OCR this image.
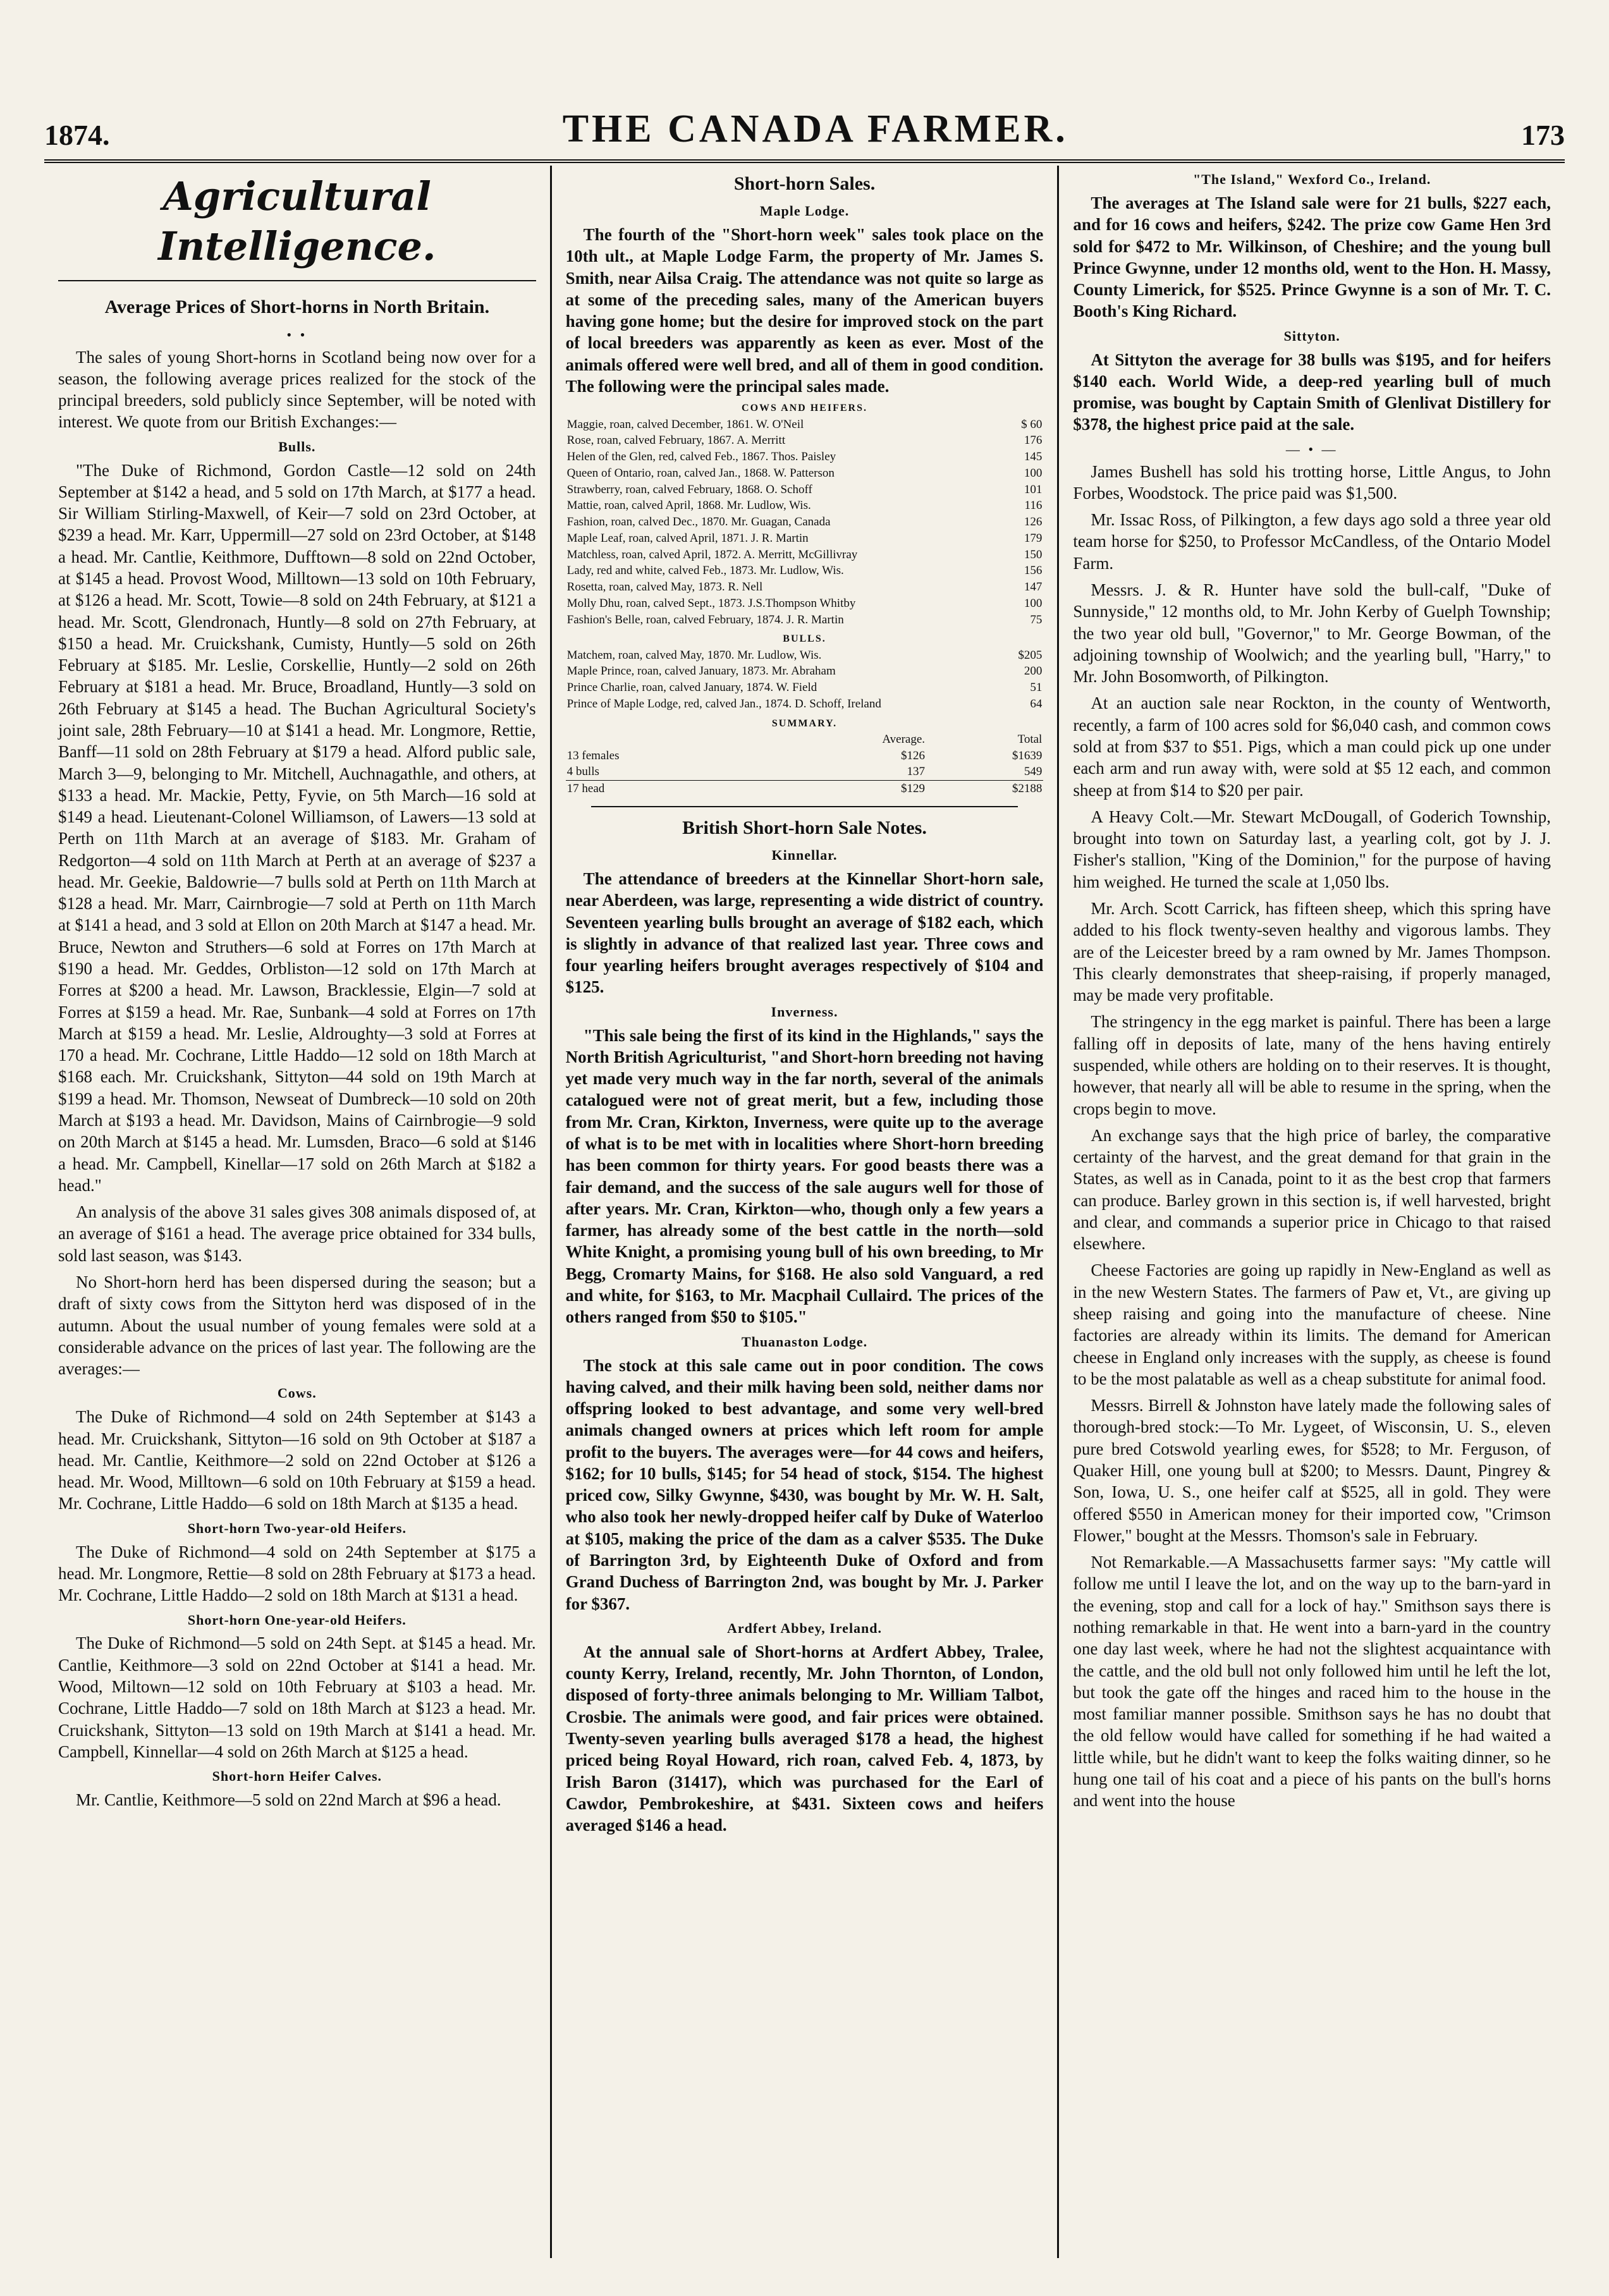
1874.	THE CANADA FARMER.	173
Agricultural Intelligence.
Average Prices of Short-horns in North Britain.
• •

The sales of young Short-horns in Scotland being now over for a season, the following average prices realized for the stock of the principal breeders, sold publicly since September, will be noted with interest. We quote from our British Exchanges:—

Bulls.

"The Duke of Richmond, Gordon Castle—12 sold on 24th September at $142 a head, and 5 sold on 17th March, at $177 a head. Sir William Stirling-Maxwell, of Keir—7 sold on 23rd October, at $239 a head. Mr. Karr, Uppermill—27 sold on 23rd October, at $148 a head. Mr. Cantlie, Keithmore, Dufftown—8 sold on 22nd October, at $145 a head. Provost Wood, Milltown—13 sold on 10th February, at $126 a head. Mr. Scott, Towie—8 sold on 24th February, at $121 a head. Mr. Scott, Glendronach, Huntly—8 sold on 27th February, at $150 a head. Mr. Cruickshank, Cumisty, Huntly—5 sold on 26th February at $185. Mr. Leslie, Corskellie, Huntly—2 sold on 26th February at $181 a head. Mr. Bruce, Broadland, Huntly—3 sold on 26th February at $145 a head. The Buchan Agricultural Society's joint sale, 28th February—10 at $141 a head. Mr. Longmore, Rettie, Banff—11 sold on 28th February at $179 a head. Alford public sale, March 3—9, belonging to Mr. Mitchell, Auchnagathle, and others, at $133 a head. Mr. Mackie, Petty, Fyvie, on 5th March—16 sold at $149 a head. Lieutenant-Colonel Williamson, of Lawers—13 sold at Perth on 11th March at an average of $183. Mr. Graham of Redgorton—4 sold on 11th March at Perth at an average of $237 a head. Mr. Geekie, Baldowrie—7 bulls sold at Perth on 11th March at $128 a head. Mr. Marr, Cairnbrogie—7 sold at Perth on 11th March at $141 a head, and 3 sold at Ellon on 20th March at $147 a head. Mr. Bruce, Newton and Struthers—6 sold at Forres on 17th March at $190 a head. Mr. Geddes, Orbliston—12 sold on 17th March at Forres at $200 a head. Mr. Lawson, Bracklessie, Elgin—7 sold at Forres at $159 a head. Mr. Rae, Sunbank—4 sold at Forres on 17th March at $159 a head. Mr. Leslie, Aldroughty—3 sold at Forres at 170 a head. Mr. Cochrane, Little Haddo—12 sold on 18th March at $168 each. Mr. Cruickshank, Sittyton—44 sold on 19th March at $199 a head. Mr. Thomson, Newseat of Dumbreck—10 sold on 20th March at $193 a head. Mr. Davidson, Mains of Cairnbrogie—9 sold on 20th March at $145 a head. Mr. Lumsden, Braco—6 sold at $146 a head. Mr. Campbell, Kinellar—17 sold on 26th March at $182 a head."

An analysis of the above 31 sales gives 308 animals disposed of, at an average of $161 a head. The average price obtained for 334 bulls, sold last season, was $143.

No Short-horn herd has been dispersed during the season; but a draft of sixty cows from the Sittyton herd was disposed of in the autumn. About the usual number of young females were sold at a considerable advance on the prices of last year. The following are the averages:—

Cows.

The Duke of Richmond—4 sold on 24th September at $143 a head. Mr. Cruickshank, Sittyton—16 sold on 9th October at $187 a head. Mr. Cantlie, Keithmore—2 sold on 22nd October at $126 a head. Mr. Wood, Milltown—6 sold on 10th February at $159 a head. Mr. Cochrane, Little Haddo—6 sold on 18th March at $135 a head.

Short-horn Two-year-old Heifers.

The Duke of Richmond—4 sold on 24th September at $175 a head. Mr. Longmore, Rettie—8 sold on 28th February at $173 a head. Mr. Cochrane, Little Haddo—2 sold on 18th March at $131 a head.

Short-horn One-year-old Heifers.

The Duke of Richmond—5 sold on 24th Sept. at $145 a head. Mr. Cantlie, Keithmore—3 sold on 22nd October at $141 a head. Mr. Wood, Miltown—12 sold on 10th February at $103 a head. Mr. Cochrane, Little Haddo—7 sold on 18th March at $123 a head. Mr. Cruickshank, Sittyton—13 sold on 19th March at $141 a head. Mr. Campbell, Kinnellar—4 sold on 26th March at $125 a head.

Short-horn Heifer Calves.

Mr. Cantlie, Keithmore—5 sold on 22nd March at $96 a head.

Short-horn Sales.
Maple Lodge.

The fourth of the "Short-horn week" sales took place on the 10th ult., at Maple Lodge Farm, the property of Mr. James S. Smith, near Ailsa Craig. The attendance was not quite so large as at some of the preceding sales, many of the American buyers having gone home; but the desire for improved stock on the part of local breeders was apparently as keen as ever. Most of the animals offered were well bred, and all of them in good condition. The following were the principal sales made.

COWS AND HEIFERS.
Maggie, roan, calved December, 1861. W. O'Neil	$ 60
Rose, roan, calved February, 1867. A. Merritt	176
Helen of the Glen, red, calved Feb., 1867. Thos. Paisley	145
Queen of Ontario, roan, calved Jan., 1868. W. Patterson	100
Strawberry, roan, calved February, 1868. O. Schoff	101
Mattie, roan, calved April, 1868. Mr. Ludlow, Wis.	116
Fashion, roan, calved Dec., 1870. Mr. Guagan, Canada	126
Maple Leaf, roan, calved April, 1871. J. R. Martin	179
Matchless, roan, calved April, 1872. A. Merritt, McGillivray	150
Lady, red and white, calved Feb., 1873. Mr. Ludlow, Wis.	156
Rosetta, roan, calved May, 1873. R. Nell	147
Molly Dhu, roan, calved Sept., 1873. J.S.Thompson Whitby	100
Fashion's Belle, roan, calved February, 1874. J. R. Martin	75
BULLS.
Matchem, roan, calved May, 1870. Mr. Ludlow, Wis.	$205
Maple Prince, roan, calved January, 1873. Mr. Abraham	200
Prince Charlie, roan, calved January, 1874. W. Field	51
Prince of Maple Lodge, red, calved Jan., 1874. D. Schoff, Ireland	64
SUMMARY.
	Average.	Total
13 females	$126	$1639
4 bulls	137	549
17 head	$129	$2188
British Short-horn Sale Notes.
Kinnellar.

The attendance of breeders at the Kinnellar Short-horn sale, near Aberdeen, was large, representing a wide district of country. Seventeen yearling bulls brought an average of $182 each, which is slightly in advance of that realized last year. Three cows and four yearling heifers brought averages respectively of $104 and $125.

Inverness.

"This sale being the first of its kind in the Highlands," says the North British Agriculturist, "and Short-horn breeding not having yet made very much way in the far north, several of the animals catalogued were not of great merit, but a few, including those from Mr. Cran, Kirkton, Inverness, were quite up to the average of what is to be met with in localities where Short-horn breeding has been common for thirty years. For good beasts there was a fair demand, and the success of the sale augurs well for those of after years. Mr. Cran, Kirkton—who, though only a few years a farmer, has already some of the best cattle in the north—sold White Knight, a promising young bull of his own breeding, to Mr Begg, Cromarty Mains, for $168. He also sold Vanguard, a red and white, for $163, to Mr. Macphail Cullaird. The prices of the others ranged from $50 to $105."

Thuanaston Lodge.

The stock at this sale came out in poor condition. The cows having calved, and their milk having been sold, neither dams nor offspring looked to best advantage, and some very well-bred animals changed owners at prices which left room for ample profit to the buyers. The averages were—for 44 cows and heifers, $162; for 10 bulls, $145; for 54 head of stock, $154. The highest priced cow, Silky Gwynne, $430, was bought by Mr. W. H. Salt, who also took her newly-dropped heifer calf by Duke of Waterloo at $105, making the price of the dam as a calver $535. The Duke of Barrington 3rd, by Eighteenth Duke of Oxford and from Grand Duchess of Barrington 2nd, was bought by Mr. J. Parker for $367.

Ardfert Abbey, Ireland.

At the annual sale of Short-horns at Ardfert Abbey, Tralee, county Kerry, Ireland, recently, Mr. John Thornton, of London, disposed of forty-three animals belonging to Mr. William Talbot, Crosbie. The animals were good, and fair prices were obtained. Twenty-seven yearling bulls averaged $178 a head, the highest priced being Royal Howard, rich roan, calved Feb. 4, 1873, by Irish Baron (31417), which was purchased for the Earl of Cawdor, Pembrokeshire, at $431. Sixteen cows and heifers averaged $146 a head.

"The Island," Wexford Co., Ireland.

The averages at The Island sale were for 21 bulls, $227 each, and for 16 cows and heifers, $242. The prize cow Game Hen 3rd sold for $472 to Mr. Wilkinson, of Cheshire; and the young bull Prince Gwynne, under 12 months old, went to the Hon. H. Massy, County Limerick, for $525. Prince Gwynne is a son of Mr. T. C. Booth's King Richard.

Sittyton.

At Sittyton the average for 38 bulls was $195, and for heifers $140 each. World Wide, a deep-red yearling bull of much promise, was bought by Captain Smith of Glenlivat Distillery for $378, the highest price paid at the sale.

— • —

James Bushell has sold his trotting horse, Little Angus, to John Forbes, Woodstock. The price paid was $1,500.

Mr. Issac Ross, of Pilkington, a few days ago sold a three year old team horse for $250, to Professor McCandless, of the Ontario Model Farm.

Messrs. J. & R. Hunter have sold the bull-calf, "Duke of Sunnyside," 12 months old, to Mr. John Kerby of Guelph Township; the two year old bull, "Governor," to Mr. George Bowman, of the adjoining township of Woolwich; and the yearling bull, "Harry," to Mr. John Bosomworth, of Pilkington.

At an auction sale near Rockton, in the county of Wentworth, recently, a farm of 100 acres sold for $6,040 cash, and common cows sold at from $37 to $51. Pigs, which a man could pick up one under each arm and run away with, were sold at $5 12 each, and common sheep at from $14 to $20 per pair.

A Heavy Colt.—Mr. Stewart McDougall, of Goderich Township, brought into town on Saturday last, a yearling colt, got by J. J. Fisher's stallion, "King of the Dominion," for the purpose of having him weighed. He turned the scale at 1,050 lbs.

Mr. Arch. Scott Carrick, has fifteen sheep, which this spring have added to his flock twenty-seven healthy and vigorous lambs. They are of the Leicester breed by a ram owned by Mr. James Thompson. This clearly demonstrates that sheep-raising, if properly managed, may be made very profitable.

The stringency in the egg market is painful. There has been a large falling off in deposits of late, many of the hens having entirely suspended, while others are holding on to their reserves. It is thought, however, that nearly all will be able to resume in the spring, when the crops begin to move.

An exchange says that the high price of barley, the comparative certainty of the harvest, and the great demand for that grain in the States, as well as in Canada, point to it as the best crop that farmers can produce. Barley grown in this section is, if well harvested, bright and clear, and commands a superior price in Chicago to that raised elsewhere.

Cheese Factories are going up rapidly in New-England as well as in the new Western States. The farmers of Paw et, Vt., are giving up sheep raising and going into the manufacture of cheese. Nine factories are already within its limits. The demand for American cheese in England only increases with the supply, as cheese is found to be the most palatable as well as a cheap substitute for animal food.

Messrs. Birrell & Johnston have lately made the following sales of thorough-bred stock:—To Mr. Lygeet, of Wisconsin, U. S., eleven pure bred Cotswold yearling ewes, for $528; to Mr. Ferguson, of Quaker Hill, one young bull at $200; to Messrs. Daunt, Pingrey & Son, Iowa, U. S., one heifer calf at $525, all in gold. They were offered $550 in American money for their imported cow, "Crimson Flower," bought at the Messrs. Thomson's sale in February.

Not Remarkable.—A Massachusetts farmer says: "My cattle will follow me until I leave the lot, and on the way up to the barn-yard in the evening, stop and call for a lock of hay." Smithson says there is nothing remarkable in that. He went into a barn-yard in the country one day last week, where he had not the slightest acquaintance with the cattle, and the old bull not only followed him until he left the lot, but took the gate off the hinges and raced him to the house in the most familiar manner possible. Smithson says he has no doubt that the old fellow would have called for something if he had waited a little while, but he didn't want to keep the folks waiting dinner, so he hung one tail of his coat and a piece of his pants on the bull's horns and went into the house
